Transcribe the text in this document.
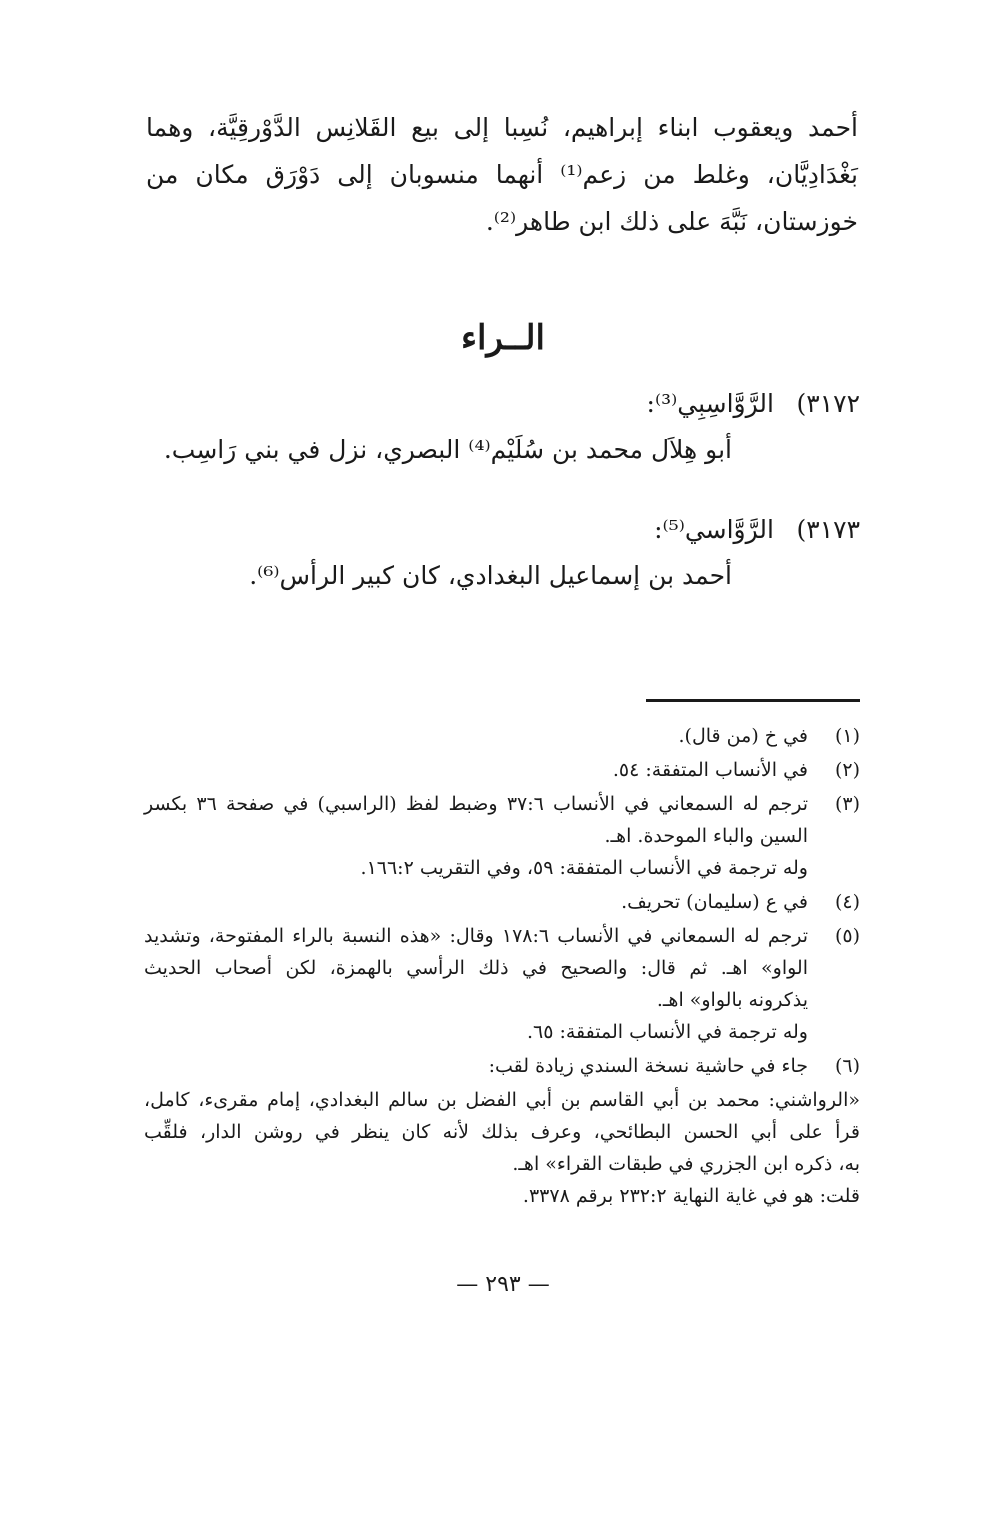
أحمد ويعقوب ابناء إبراهيم، نُسِبا إلى بيع القَلانِس الدَّوْرقِيَّة، وهما
بَغْدَادِيَّان، وغلط من زعم⁽¹⁾ أنهما منسوبان إلى دَوْرَق مكان من
خوزستان، نَبَّهَ على ذلك ابن طاهر⁽²⁾.
الــراء
٣١٧٢)
الرَّوَّاسِبِي⁽³⁾:
أبو هِلاَل محمد بن سُلَيْم⁽⁴⁾ البصري، نزل في بني رَاسِب.
٣١٧٣)
الرَّوَّاسي⁽⁵⁾:
أحمد بن إسماعيل البغدادي، كان كبير الرأس⁽⁶⁾.
(١)
في خ (من قال).
(٢)
في الأنساب المتفقة: ٥٤.
(٣)
ترجم له السمعاني في الأنساب ٣٧:٦ وضبط لفظ (الراسبي) في صفحة ٣٦ بكسر
السين والباء الموحدة. اهـ.
وله ترجمة في الأنساب المتفقة: ٥٩، وفي التقريب ١٦٦:٢.
(٤)
في ع (سليمان) تحريف.
(٥)
ترجم له السمعاني في الأنساب ١٧٨:٦ وقال: «هذه النسبة بالراء المفتوحة، وتشديد
الواو» اهـ. ثم قال: والصحيح في ذلك الرأسي بالهمزة، لكن أصحاب الحديث
يذكرونه بالواو» اهـ.
وله ترجمة في الأنساب المتفقة: ٦٥.
(٦)
جاء في حاشية نسخة السندي زيادة لقب:
«الرواشني: محمد بن أبي القاسم بن أبي الفضل بن سالم البغدادي، إمام مقرىء، كامل،
قرأ على أبي الحسن البطائحي، وعرف بذلك لأنه كان ينظر في روشن الدار، فلقِّب
به، ذكره ابن الجزري في طبقات القراء» اهـ.
قلت: هو في غاية النهاية ٢٣٢:٢ برقم ٣٣٧٨.
— ٢٩٣ —
